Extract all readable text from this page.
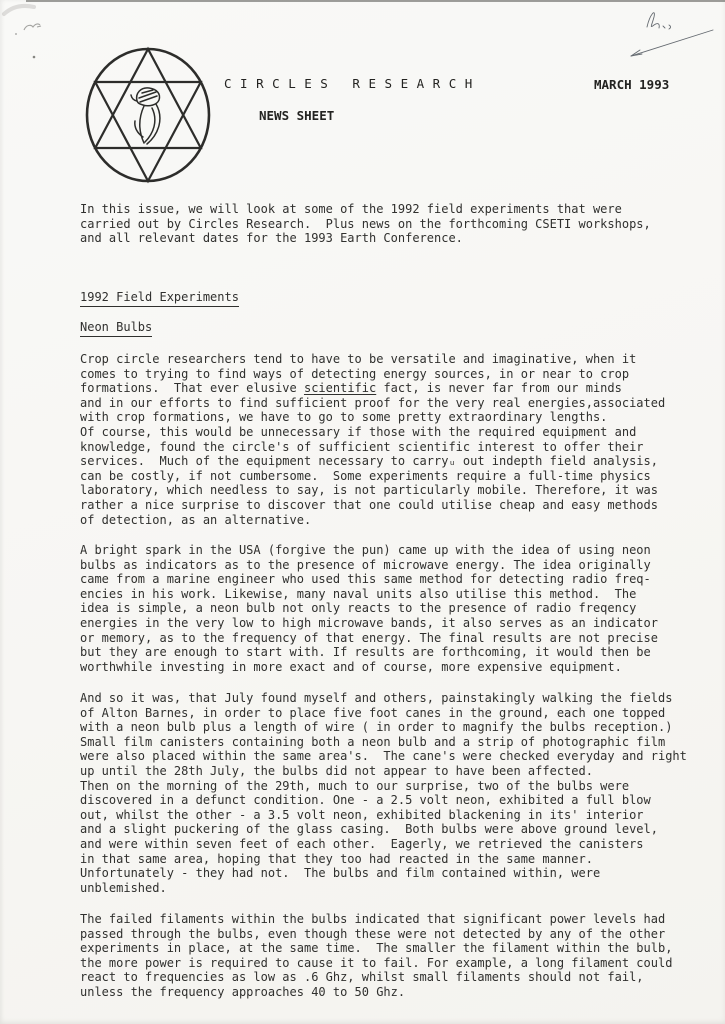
C I R C L E S   R E S E A R C H
NEWS SHEET
MARCH 1993
In this issue, we will look at some of the 1992 field experiments that were
carried out by Circles Research.  Plus news on the forthcoming CSETI workshops,
and all relevant dates for the 1993 Earth Conference.
1992 Field Experiments
Neon Bulbs
Crop circle researchers tend to have to be versatile and imaginative, when it
comes to trying to find ways of detecting energy sources, in or near to crop
formations.  That ever elusive scientific fact, is never far from our minds
and in our efforts to find sufficient proof for the very real energies,associated
with crop formations, we have to go to some pretty extraordinary lengths.
Of course, this would be unnecessary if those with the required equipment and
knowledge, found the circle's of sufficient scientific interest to offer their
services.  Much of the equipment necessary to carryᵤ out indepth field analysis,
can be costly, if not cumbersome.  Some experiments require a full-time physics
laboratory, which needless to say, is not particularly mobile. Therefore, it was
rather a nice surprise to discover that one could utilise cheap and easy methods
of detection, as an alternative.
A bright spark in the USA (forgive the pun) came up with the idea of using neon
bulbs as indicators as to the presence of microwave energy. The idea originally
came from a marine engineer who used this same method for detecting radio freq-
encies in his work. Likewise, many naval units also utilise this method.  The
idea is simple, a neon bulb not only reacts to the presence of radio freqency
energies in the very low to high microwave bands, it also serves as an indicator
or memory, as to the frequency of that energy. The final results are not precise
but they are enough to start with. If results are forthcoming, it would then be
worthwhile investing in more exact and of course, more expensive equipment.
And so it was, that July found myself and others, painstakingly walking the fields
of Alton Barnes, in order to place five foot canes in the ground, each one topped
with a neon bulb plus a length of wire ( in order to magnify the bulbs reception.)
Small film canisters containing both a neon bulb and a strip of photographic film
were also placed within the same area's.  The cane's were checked everyday and right
up until the 28th July, the bulbs did not appear to have been affected.
Then on the morning of the 29th, much to our surprise, two of the bulbs were
discovered in a defunct condition. One - a 2.5 volt neon, exhibited a full blow
out, whilst the other - a 3.5 volt neon, exhibited blackening in its' interior
and a slight puckering of the glass casing.  Both bulbs were above ground level,
and were within seven feet of each other.  Eagerly, we retrieved the canisters
in that same area, hoping that they too had reacted in the same manner.
Unfortunately - they had not.  The bulbs and film contained within, were
unblemished.
The failed filaments within the bulbs indicated that significant power levels had
passed through the bulbs, even though these were not detected by any of the other
experiments in place, at the same time.  The smaller the filament within the bulb,
the more power is required to cause it to fail. For example, a long filament could
react to frequencies as low as .6 Ghz, whilst small filaments should not fail,
unless the frequency approaches 40 to 50 Ghz.
